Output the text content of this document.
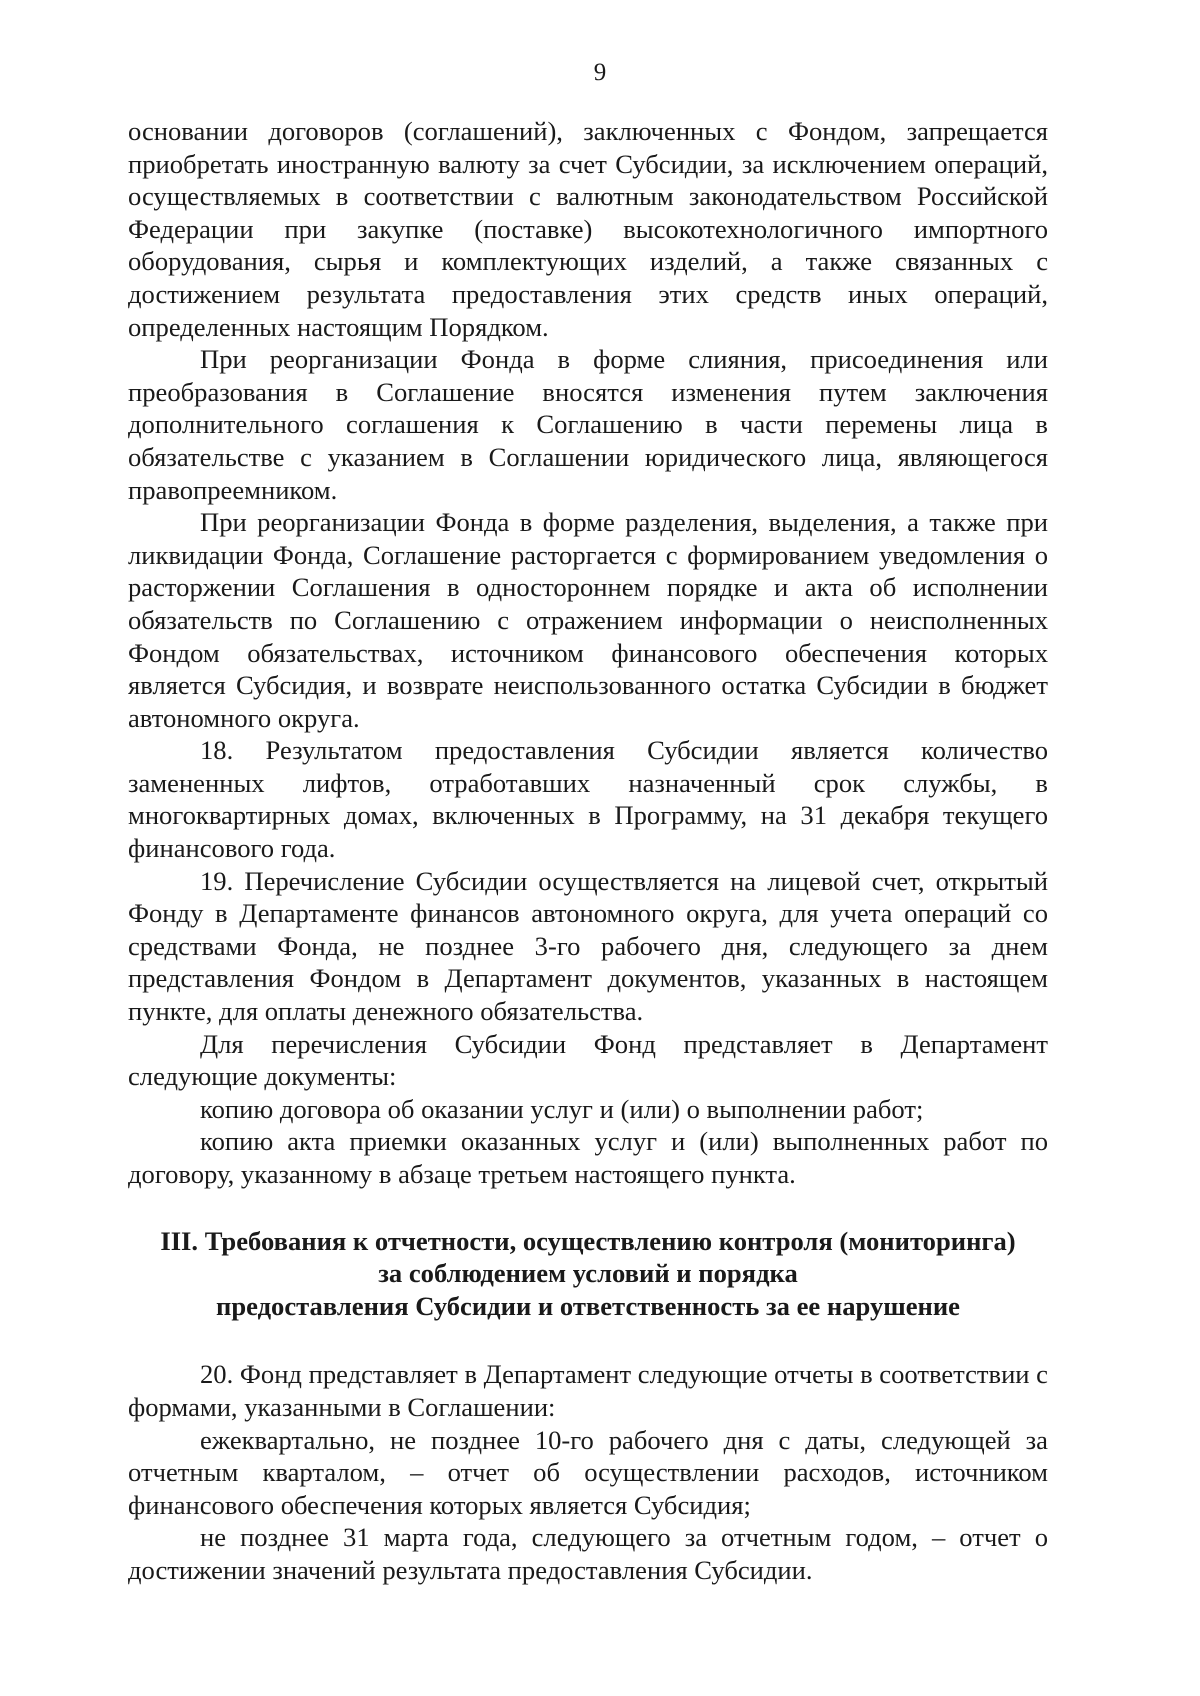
9

основании договоров (соглашений), заключенных с Фондом, запрещается приобретать иностранную валюту за счет Субсидии, за исключением операций, осуществляемых в соответствии с валютным законодательством Российской Федерации при закупке (поставке) высокотехнологичного импортного оборудования, сырья и комплектующих изделий, а также связанных с достижением результата предоставления этих средств иных операций, определенных настоящим Порядком.

При реорганизации Фонда в форме слияния, присоединения или преобразования в Соглашение вносятся изменения путем заключения дополнительного соглашения к Соглашению в части перемены лица в обязательстве с указанием в Соглашении юридического лица, являющегося правопреемником.

При реорганизации Фонда в форме разделения, выделения, а также при ликвидации Фонда, Соглашение расторгается с формированием уведомления о расторжении Соглашения в одностороннем порядке и акта об исполнении обязательств по Соглашению с отражением информации о неисполненных Фондом обязательствах, источником финансового обеспечения которых является Субсидия, и возврате неиспользованного остатка Субсидии в бюджет автономного округа.

18. Результатом предоставления Субсидии является количество замененных лифтов, отработавших назначенный срок службы, в многоквартирных домах, включенных в Программу, на 31 декабря текущего финансового года.

19. Перечисление Субсидии осуществляется на лицевой счет, открытый Фонду в Департаменте финансов автономного округа, для учета операций со средствами Фонда, не позднее 3-го рабочего дня, следующего за днем представления Фондом в Департамент документов, указанных в настоящем пункте, для оплаты денежного обязательства.

Для перечисления Субсидии Фонд представляет в Департамент следующие документы:

копию договора об оказании услуг и (или) о выполнении работ;

копию акта приемки оказанных услуг и (или) выполненных работ по договору, указанному в абзаце третьем настоящего пункта.

III. Требования к отчетности, осуществлению контроля (мониторинга)
за соблюдением условий и порядка
предоставления Субсидии и ответственность за ее нарушение

20. Фонд представляет в Департамент следующие отчеты в соответствии с формами, указанными в Соглашении:

ежеквартально, не позднее 10-го рабочего дня с даты, следующей за отчетным кварталом, – отчет об осуществлении расходов, источником финансового обеспечения которых является Субсидия;

не позднее 31 марта года, следующего за отчетным годом, – отчет о достижении значений результата предоставления Субсидии.
